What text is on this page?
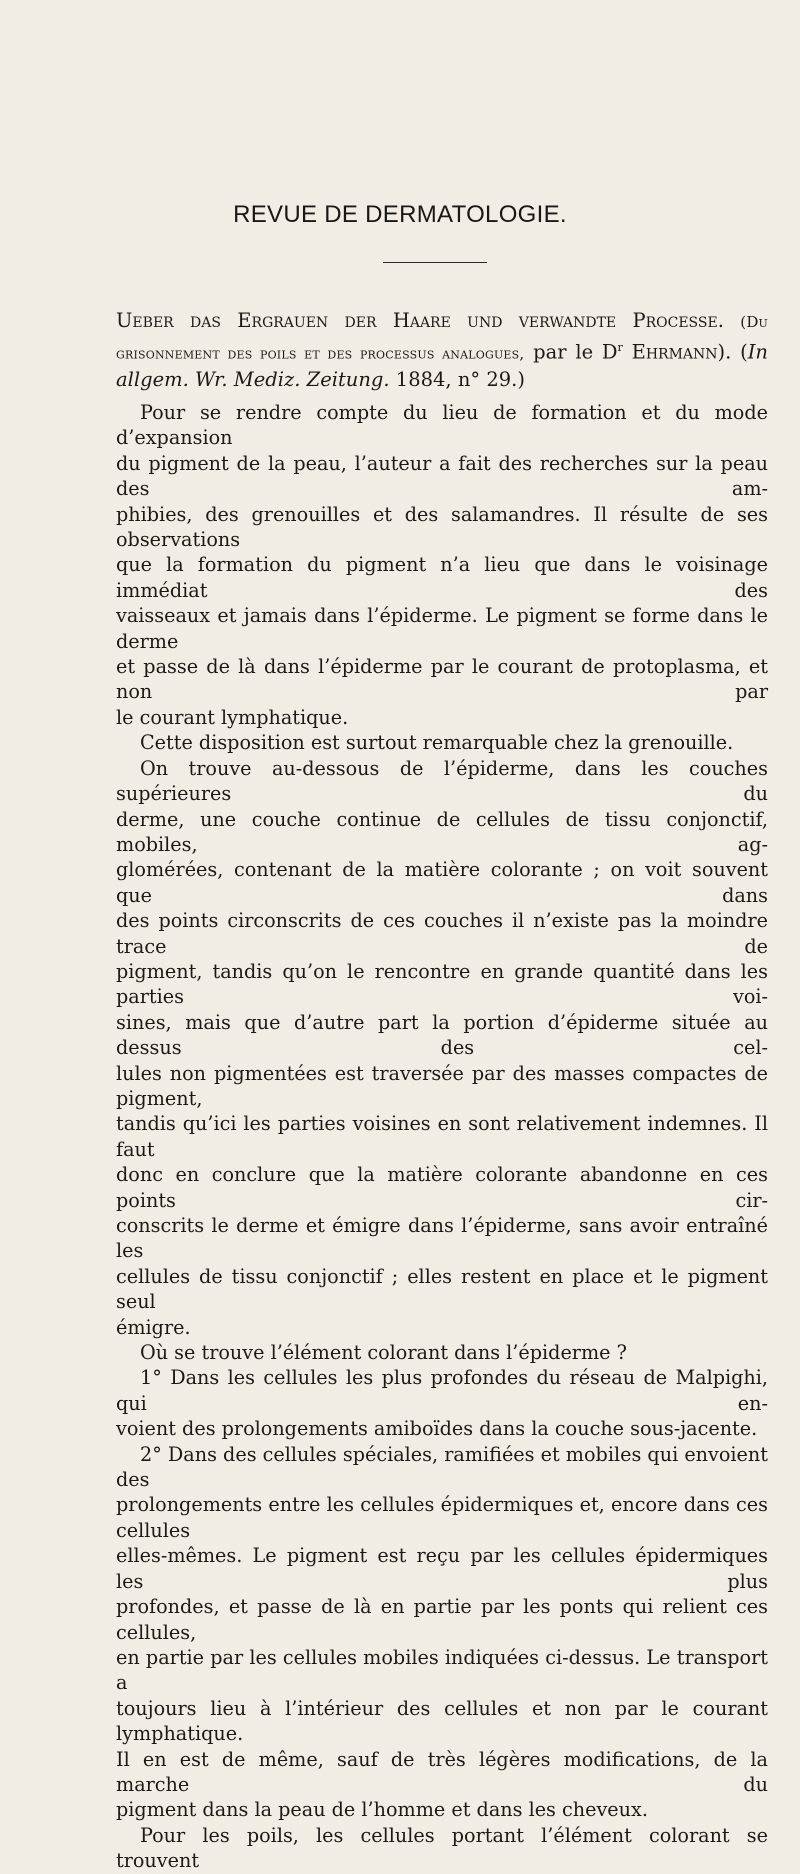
REVUE DE DERMATOLOGIE.
Ueber das Ergrauen der Haare und verwandte Processe. (Du grisonnement des poils et des processus analogues, par le $D^r$ Ehrmann). (In allgem. Wr. Mediz. Zeitung. 1884, n° 29.)

Pour se rendre compte du lieu de formation et du mode d’expansion

du pigment de la peau, l’auteur a fait des recherches sur la peau des am-
phibies, des grenouilles et des salamandres. Il résulte de ses observations
que la formation du pigment n’a lieu que dans le voisinage immédiat des
vaisseaux et jamais dans l’épiderme. Le pigment se forme dans le derme
et passe de là dans l’épiderme par le courant de protoplasma, et non par
le courant lymphatique.

Cette disposition est surtout remarquable chez la grenouille.

On trouve au-dessous de l’épiderme, dans les couches supérieures du

derme, une couche continue de cellules de tissu conjonctif, mobiles, ag-
glomérées, contenant de la matière colorante ; on voit souvent que dans
des points circonscrits de ces couches il n’existe pas la moindre trace de
pigment, tandis qu’on le rencontre en grande quantité dans les parties voi-
sines, mais que d’autre part la portion d’épiderme située au dessus des cel-
lules non pigmentées est traversée par des masses compactes de pigment,
tandis qu’ici les parties voisines en sont relativement indemnes. Il faut
donc en conclure que la matière colorante abandonne en ces points cir-
conscrits le derme et émigre dans l’épiderme, sans avoir entraîné les
cellules de tissu conjonctif ; elles restent en place et le pigment seul
émigre.

Où se trouve l’élément colorant dans l’épiderme ?

1° Dans les cellules les plus profondes du réseau de Malpighi, qui en-

voient des prolongements amiboïdes dans la couche sous-jacente.

2° Dans des cellules spéciales, ramifiées et mobiles qui envoient des

prolongements entre les cellules épidermiques et, encore dans ces cellules
elles-mêmes. Le pigment est reçu par les cellules épidermiques les plus
profondes, et passe de là en partie par les ponts qui relient ces cellules,
en partie par les cellules mobiles indiquées ci-dessus. Le transport a
toujours lieu à l’intérieur des cellules et non par le courant lymphatique.
Il en est de même, sauf de très légères modifications, de la marche du
pigment dans la peau de l’homme et dans les cheveux.

Pour les poils, les cellules portant l’élément colorant se trouvent
